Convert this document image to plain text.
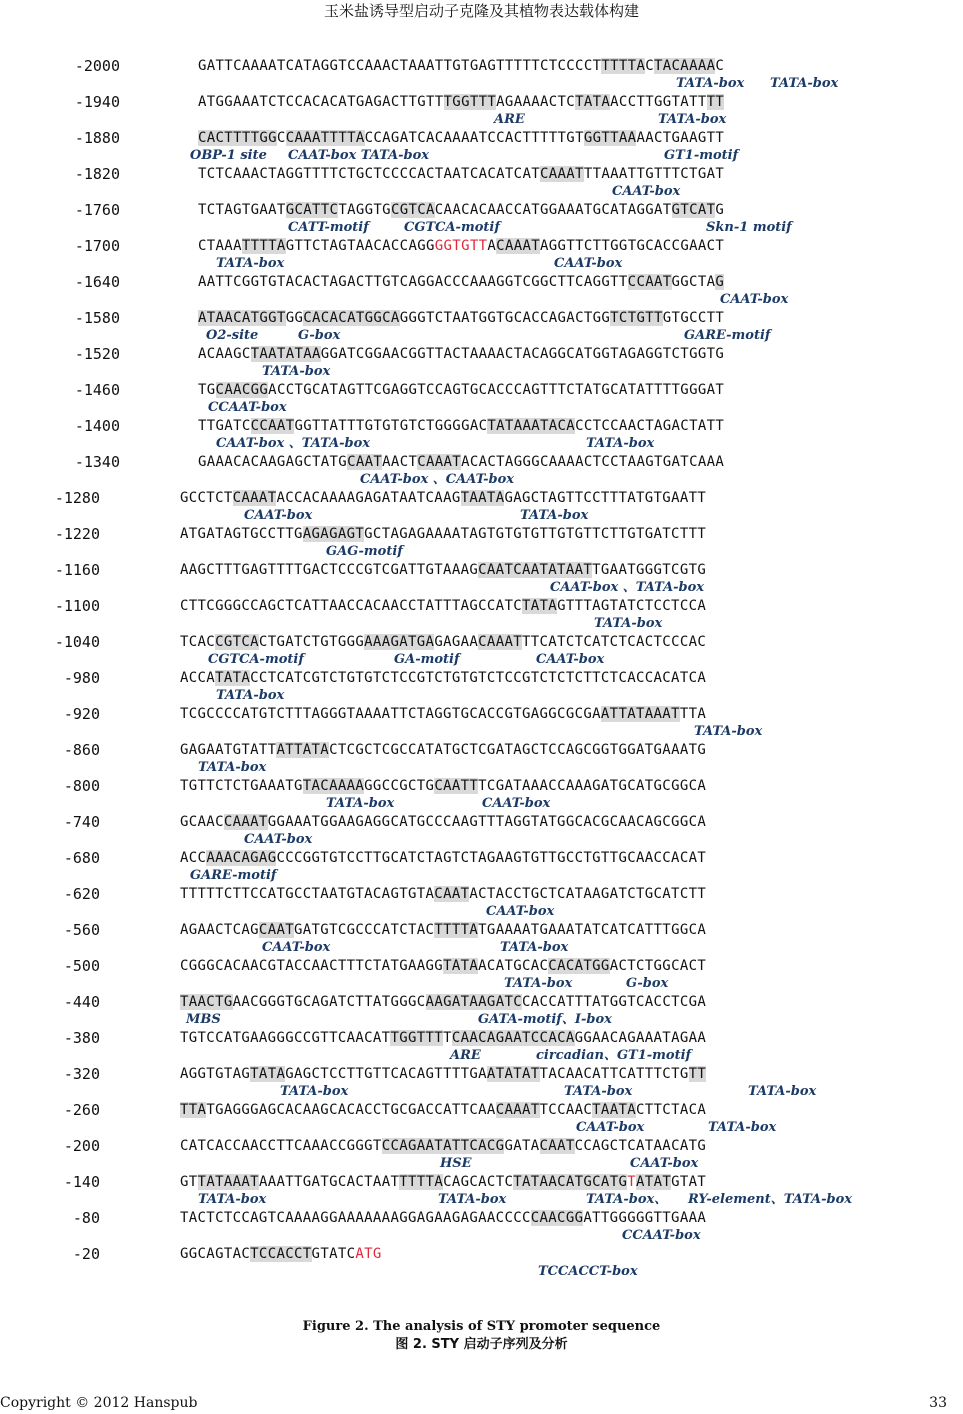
玉米盐诱导型启动子克隆及其植物表达载体构建
-2000	GATTCAAAATCATAGGTCCAAACTAAATTGTGAGTTTTTCTCCCCTTTTTACTACAAAAC
TATA-box TATA-box
-1940	ATGGAAATCTCCACACATGAGACTTGTTTGGTTTAGAAAACTCTATAACCTTGGTATTTT
ARE	TATA-box
-1880	CACTTTTGGCCAAATTTTACCAGATCACAAAATCCACTTTTTGTGGTTAAAACTGAAGTT
OBP-1 site CAAT-box TATA-box	GT1-motif
-1820	TCTCAAACTAGGTTTTCTGCTCCCCACTAATCACATCATCAAATTTAAATTGTTTCTGAT
CAAT-box
-1760	TCTAGTGAATGCATTCTAGGTGCGTCACAACACAACCATGGAAATGCATAGGATGTCATG
CATT-motif	CGTCA-motif	Skn-1 motif
-1700	CTAAATTTTAGTTCTAGTAACACCAGGGGTGTTACAAATAGGTTCTTGGTGCACCGAACT
TATA-box	CAAT-box
-1640	AATTCGGTGTACACTAGACTTGTCAGGACCCAAAGGTCGGCTTCAGGTTCCAATGGCTAG
CAAT-box
-1580	ATAACATGGTGGCACACATGGCAGGGTCTAATGGTGCACCAGACTGGTCTGTTGTGCCTT
O2-site	G-box	GARE-motif
-1520	ACAAGCTAATATAAGGATCGGAACGGTTACTAAAACTACAGGCATGGTAGAGGTCTGGTG
TATA-box
-1460	TGCAACGGACCTGCATAGTTCGAGGTCCAGTGCACCCAGTTTCTATGCATATTTTGGGAT
CCAAT-box
-1400	TTGATCCCAATGGTTATTTGTGTGTCTGGGGACTATAAATACACCTCCAACTAGACTATT
CAAT-box 、TATA-box	TATA-box
-1340	GAAACACAAGAGCTATGCAATAACTCAAATACACTAGGGCAAAACTCCTAAGTGATCAAA
CAAT-box 、CAAT-box
-1280	GCCTCTCAAATACCACAAAAGAGATAATCAAGTAATAGAGCTAGTTCCTTTATGTGAATT
CAAT-box	TATA-box
-1220	ATGATAGTGCCTTGAGAGAGTGCTAGAGAAAATAGTGTGTGTTGTGTTCTTGTGATCTTT
GAG-motif
-1160	AAGCTTTGAGTTTTGACTCCCGTCGATTGTAAAGCAATCAATATAATTGAATGGGTCGTG
CAAT-box 、TATA-box
-1100	CTTCGGGCCAGCTCATTAACCACAACCTATTTAGCCATCTATAGTTTAGTATCTCCTCCA
TATA-box
-1040	TCACCGTCACTGATCTGTGGGAAAGATGAGAGAACAAATTTCATCTCATCTCACTCCCAC
CGTCA-motif	GA-motif	CAAT-box
-980	ACCATATACCTCATCGTCTGTGTCTCCGTCTGTGTCTCCGTCTCTCTTCTCACCACATCA
TATA-box
-920	TCGCCCCATGTCTTTAGGGTAAAATTCTAGGTGCACCGTGAGGCGCGAATTATAAATTTA
TATA-box
-860	GAGAATGTATTATTATACTCGCTCGCCATATGCTCGATAGCTCCAGCGGTGGATGAAATG
TATA-box
-800	TGTTCTCTGAAATGTACAAAAGGCCGCTGCAATTTCGATAAACCAAAGATGCATGCGGCA
TATA-box	CAAT-box
-740	GCAACCAAATGGAAATGGAAGAGGCATGCCCAAGTTTAGGTATGGCACGCAACAGCGGCA
CAAT-box
-680	ACCAAACAGAGCCCGGTGTCCTTGCATCTAGTCTAGAAGTGTTGCCTGTTGCAACCACAT
GARE-motif
-620	TTTTTCTTCCATGCCTAATGTACAGTGTACAATACTACCTGCTCATAAGATCTGCATCTT
CAAT-box
-560	AGAACTCAGCAATGATGTCGCCCATCTACTTTTATGAAAATGAAATATCATCATTTGGCA
CAAT-box	TATA-box
-500	CGGGCACAACGTACCAACTTTCTATGAAGGTATAACATGCACCACATGGACTCTGGCACT
TATA-box	G-box
-440	TAACTGAACGGGTGCAGATCTTATGGGCAAGATAAGATCCACCATTTATGGTCACCTCGA
MBS	GATA-motif、I-box
-380	TGTCCATGAAGGGCCGTTCAACATTGGTTTTCAACAGAATCCACAGGAACAGAAATAGAA
ARE	circadian、GT1-motif
-320	AGGTGTAGTATAGAGCTCCTTGTTCACAGTTTTGAATATATTACAACATTCATTTCTGTT
TATA-box	TATA-box	TATA-box
-260	TTATGAGGGAGCACAAGCACACCTGCGACCATTCAACAAATTCCAACTAATACTTCTACA
CAAT-box	TATA-box
-200	CATCACCAACCTTCAAACCGGGTCCAGAATATTCACGGATACAATCCAGCTCATAACATG
HSE	CAAT-box
-140	GTTATAAATAAATTGATGCACTAATTTTTACAGCACTCTATAACATGCATGTATATGTAT
TATA-box	TATA-box	TATA-box、 RY-element、TATA-box
-80	TACTCTCCAGTCAAAAGGAAAAAAAGGAGAAGAGAACCCCCAACGGATTGGGGGTTGAAA
CCAAT-box
-20	GGCAGTACTCCACCTGTATCATG
TCCACCT-box
Figure 2. The analysis of STY promoter sequence
图 2. STY 启动子序列及分析
Copyright © 2012 Hanspub	33
